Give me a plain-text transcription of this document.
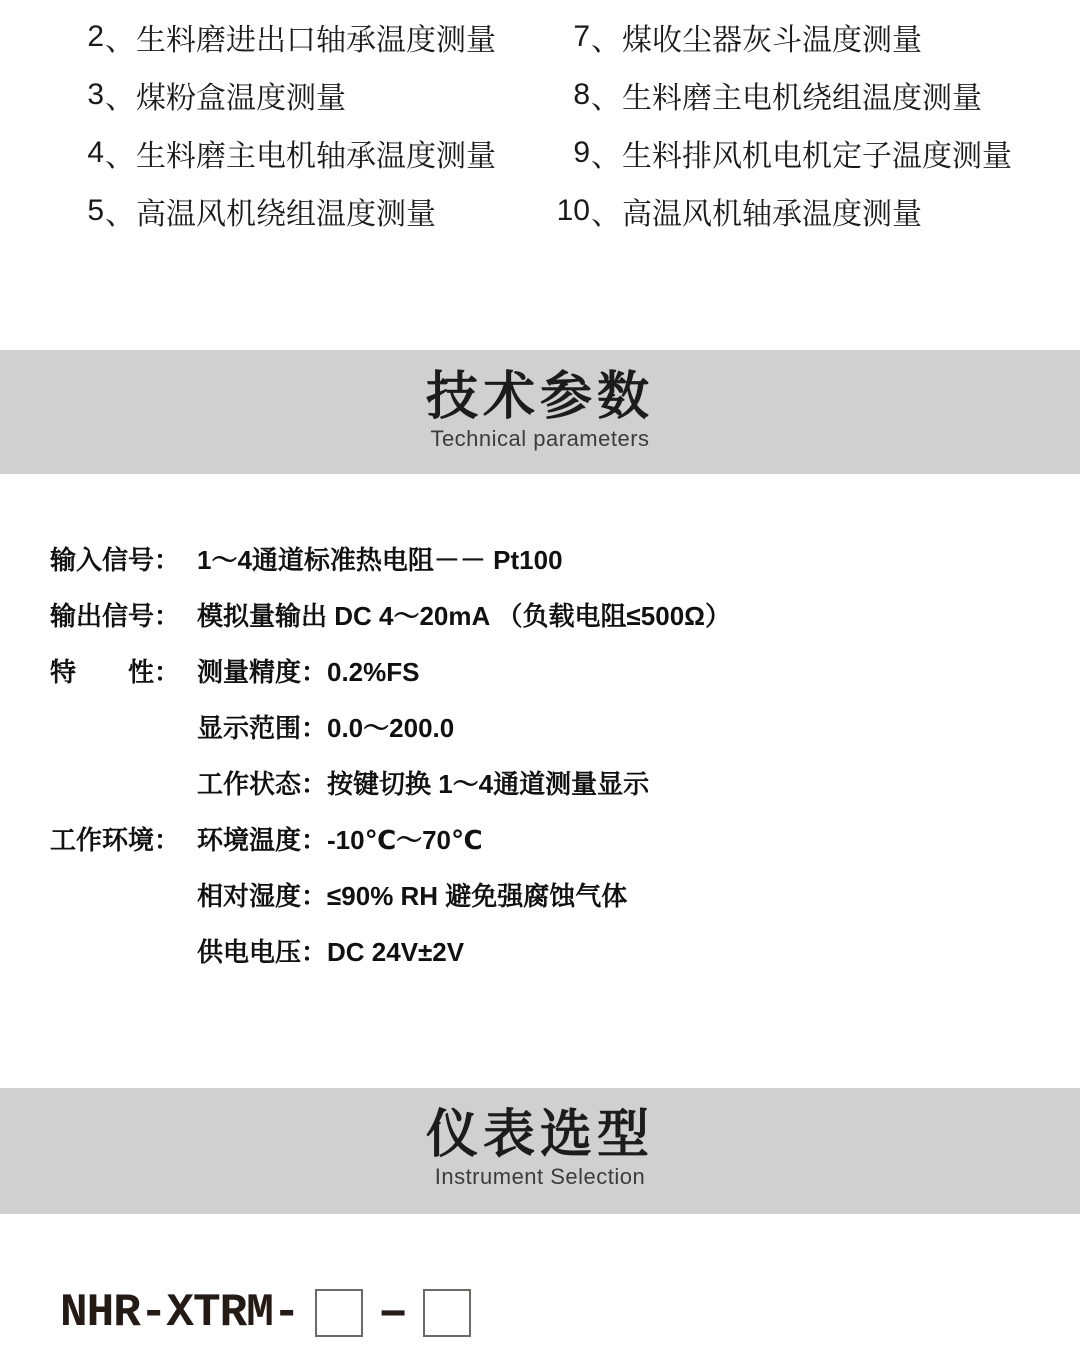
2 、 生料磨进出口轴承温度测量
3 、 煤粉盒温度测量
4 、 生料磨主电机轴承温度测量
5 、 高温风机绕组温度测量
7 、 煤收尘器灰斗温度测量
8 、 生料磨主电机绕组温度测量
9 、 生料排风机电机定子温度测量
10 、 高温风机轴承温度测量
技术参数
Technical parameters
输入信号： 1～4通道标准热电阻－－ Pt100
输出信号： 模拟量输出 DC 4～20mA （负载电阻≤500Ω）
特　　性： 测量精度：0.2%FS
显示范围：0.0～200.0
工作状态：按键切换 1～4通道测量显示
工作环境： 环境温度：-10℃～70℃
相对湿度：≤90% RH 避免强腐蚀气体
供电电压：DC 24V±2V
仪表选型
Instrument Selection
NHR-XTRM- –
